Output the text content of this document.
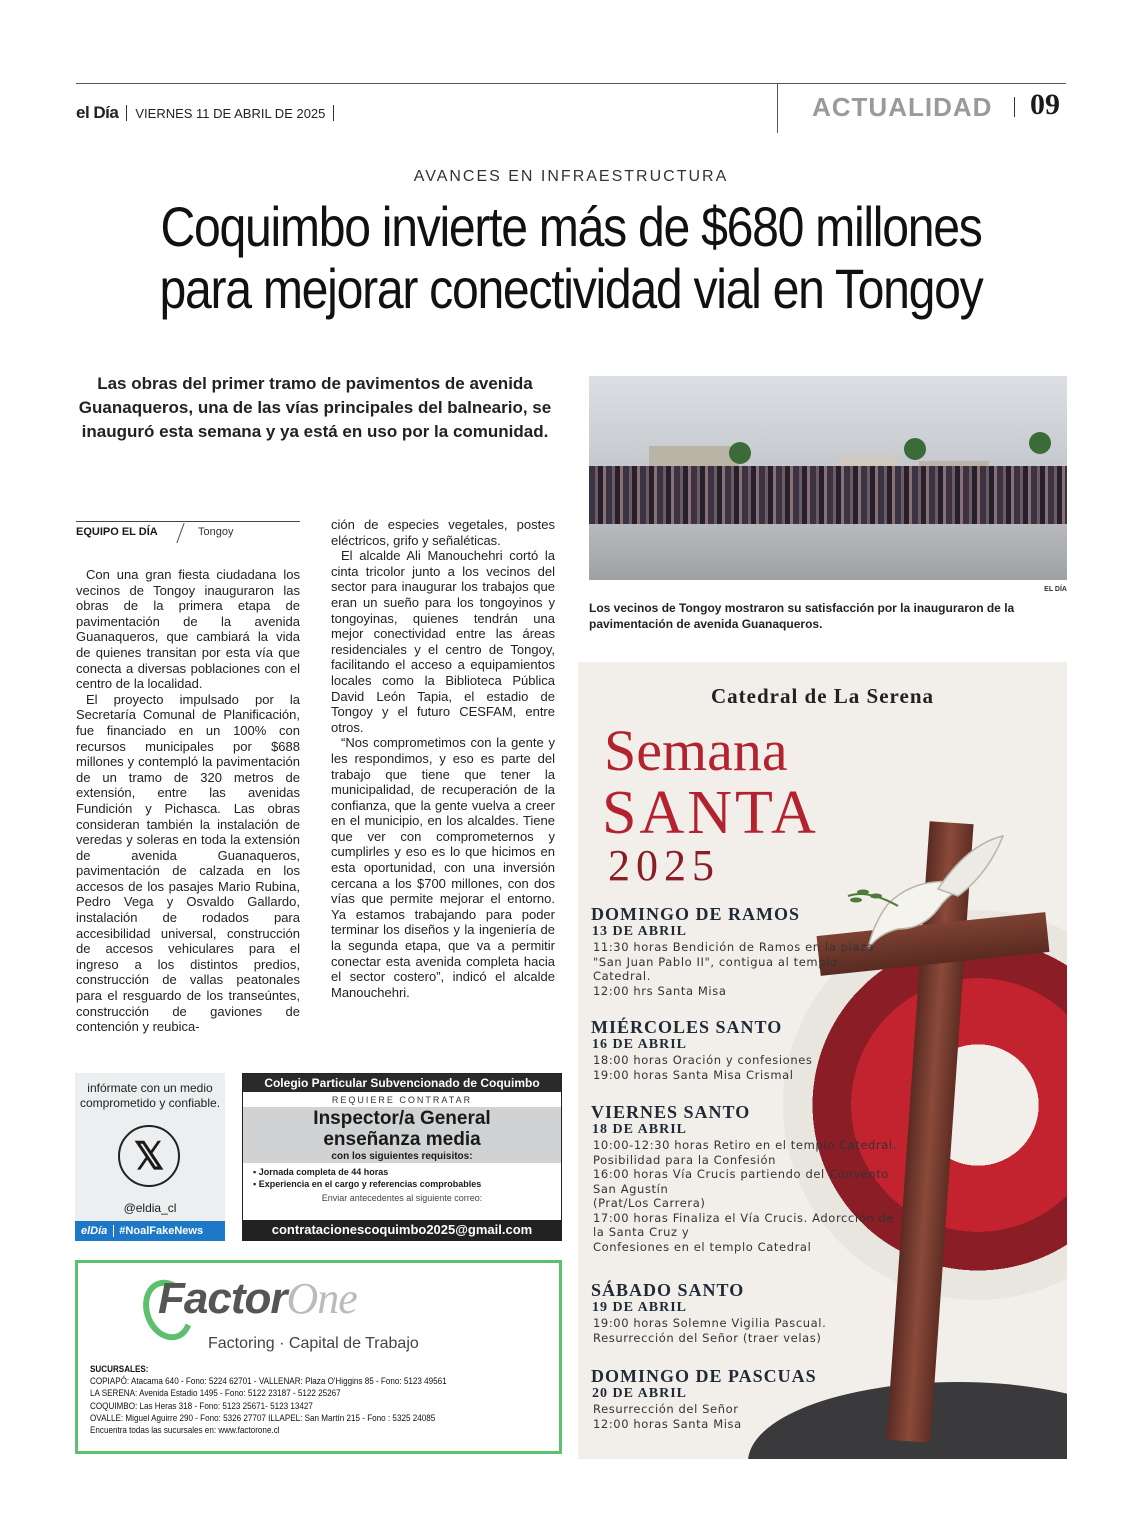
el Día VIERNES 11 DE ABRIL DE 2025	ACTUALIDAD 09
AVANCES EN INFRAESTRUCTURA
Coquimbo invierte más de $680 millones
para mejorar conectividad vial en Tongoy
Las obras del primer tramo de pavimentos de avenida Guanaqueros, una de las vías principales del balneario, se inauguró esta semana y ya está en uso por la comunidad.
EL DÍA
Los vecinos de Tongoy mostraron su satisfacción por la inauguraron de la pavimentación de avenida Guanaqueros.
EQUIPO EL DÍA	Tongoy

Con una gran fiesta ciudadana los vecinos de Tongoy inauguraron las obras de la primera etapa de pavimentación de la avenida Guanaqueros, que cambiará la vida de quienes transitan por esta vía que conecta a diversas poblaciones con el centro de la localidad.

El proyecto impulsado por la Secretaría Comunal de Planificación, fue financiado en un 100% con recursos municipales por $688 millones y contempló la pavimentación de un tramo de 320 metros de extensión, entre las avenidas Fundición y Pichasca. Las obras consideran también la instalación de veredas y soleras en toda la extensión de avenida Guanaqueros, pavimentación de calzada en los accesos de los pasajes Mario Rubina, Pedro Vega y Osvaldo Gallardo, instalación de rodados para accesibilidad universal, construcción de accesos vehiculares para el ingreso a los distintos predios, construcción de vallas peatonales para el resguardo de los transeúntes, construcción de gaviones de contención y reubica-

ción de especies vegetales, postes eléctricos, grifo y señaléticas.

El alcalde Ali Manouchehri cortó la cinta tricolor junto a los vecinos del sector para inaugurar los trabajos que eran un sueño para los tongoyinos y tongoyinas, quienes tendrán una mejor conectividad entre las áreas residenciales y el centro de Tongoy, facilitando el acceso a equipamientos locales como la Biblioteca Pública David León Tapia, el estadio de Tongoy y el futuro CESFAM, entre otros.

“Nos comprometimos con la gente y les respondimos, y eso es parte del trabajo que tiene que tener la municipalidad, de recuperación de la confianza, que la gente vuelva a creer en el municipio, en los alcaldes. Tiene que ver con comprometernos y cumplirles y eso es lo que hicimos en esta oportunidad, con una inversión cercana a los $700 millones, con dos vías que permite mejorar el entorno. Ya estamos trabajando para poder terminar los diseños y la ingeniería de la segunda etapa, que va a permitir conectar esta avenida completa hacia el sector costero”, indicó el alcalde Manouchehri.

infórmate con un medio comprometido y confiable.
𝕏
@eldia_cl
elDía	#NoalFakeNews
Colegio Particular Subvencionado de Coquimbo
REQUIERE CONTRATAR
Inspector/a General
enseñanza media
con los siguientes requisitos:
▪ Jornada completa de 44 horas
▪ Experiencia en el cargo y referencias comprobables
Enviar antecedentes al siguiente correo:
contratacionescoquimbo2025@gmail.com
FactorOne
Factoring · Capital de Trabajo
SUCURSALES:
COPIAPÓ: Atacama 640 - Fono: 5224 62701 - VALLENAR: Plaza O'Higgins 85 - Fono: 5123 49561
LA SERENA: Avenida Estadio 1495 - Fono: 5122 23187 - 5122 25267
COQUIMBO: Las Heras 318 - Fono: 5123 25671- 5123 13427
OVALLE: Miguel Aguirre 290 - Fono: 5326 27707 ILLAPEL: San Martín 215 - Fono : 5325 24085
Encuentra todas las sucursales en: www.factorone.cl
Catedral de La Serena
Semana
SANTA
2025
DOMINGO DE RAMOS
13 DE ABRIL
11:30 horas Bendición de Ramos en la plaza
"San Juan Pablo II", contigua al templo
Catedral.
12:00 hrs Santa Misa
MIÉRCOLES SANTO
16 DE ABRIL
18:00 horas Oración y confesiones
19:00 horas Santa Misa Crismal
VIERNES SANTO
18 DE ABRIL
10:00-12:30 horas Retiro en el templo Catedral.
Posibilidad para la Confesión
16:00 horas Vía Crucis partiendo del Convento
San Agustín
(Prat/Los Carrera)
17:00 horas Finaliza el Vía Crucis. Adorcción de
la Santa Cruz y
Confesiones en el templo Catedral
SÁBADO SANTO
19 DE ABRIL
19:00 horas Solemne Vigilia Pascual.
Resurrección del Señor (traer velas)
DOMINGO DE PASCUAS
20 DE ABRIL
Resurrección del Señor
12:00 horas Santa Misa
